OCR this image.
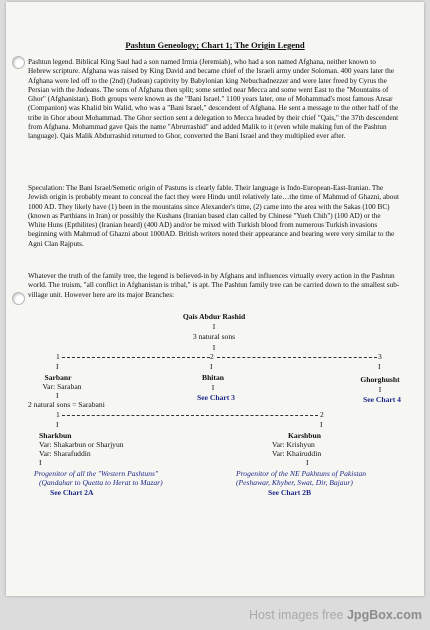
Pashtun Geneology; Chart 1; The Origin Legend
Pashtun legend. Biblical King Saul had a son named Irmia (Jeremiah), who had a son named Afghana, neither known to Hebrew scripture. Afghana was raised by King David and became chief of the Israeli army under Soloman. 400 years later the Afghana were led off to the (2nd) (Judean) captivity by Babylonian king Nebuchadnezzer and were later freed by Cyrus the Persian with the Judeans. The sons of Afghana then split; some settled near Mecca and some went East to the "Mountains of Ghor" (Afghanistan). Both groups were known as the "Bani Israel." 1100 years later, one of Mohammad's most famous Ansar (Companion) was Khalid bin Walid, who was a "Bani Israel," descendent of Afghana. He sent a message to the other half of the tribe in Ghor about Mohammad. The Ghor section sent a delegation to Mecca headed by their chief "Qais," the 37th descendent from Afghana. Mohammad gave Qais the name "Abrurrashid" and added Malik to it (even while making fun of the Pashtun language). Qais Malik Abdurrashid returned to Ghor, converted the Bani Israel and they multiplied ever after.
Speculation: The Bani Israel/Semetic origin of Pastuns is clearly fable. Their language is Indo-European-East-Iranian. The Jewish origin is probably meant to conceal the fact they were Hindu until relatively late…the time of Mahmud of Ghazni, about 1000 AD. They likely have (1) been in the mountains since Alexander's time, (2) came into the area with the Sakas (100 BC) (known as Parthians in Iran) or possibly the Kushans (Iranian based clan called by Chinese "Yueh Chih") (100 AD) or the White Huns (Epthilites) (Iranian heard) (400 AD) and/or be mixed with Turkish blood from numerous Turkish invasions beginning with Mahmud of Ghazni about 1000AD. British writers noted their appearance and bearing were very similar to the Agni Clan Rajputs.
Whatever the truth of the family tree, the legend is believed-in by Afghans and influences virtually every action in the Pashtun world. The truism, "all conflict in Afghanistan is tribal," is apt. The Pashtun family tree can be carried down to the smallest sub-village unit. However here are its major Branches:
Qais Abdur Rashid
I
3 natural sons
I
1	2	3
I	I	I
Sarbanr	Bhitan	Ghorghusht
Var: Saraban	I	I
I	See Chart 3	See Chart 4
2 natural sons = Sarabani
1	2
I	I
Sharkbun
Var: Shakarbun or Sharjyun
Var: Sharafuddin
I
Progenitor of all the "Western Pashtuns"
(Qandahar to Quetta to Herat to Mazar)
See Chart 2A
Karshbun
Var: Krishyun
Var: Khairuddin
I
Progenitor of the NE Pakhtuns of Pakistan
(Peshawar, Khyber, Swat, Dir, Bajaur)
See Chart 2B
Host images free JpgBox.com
